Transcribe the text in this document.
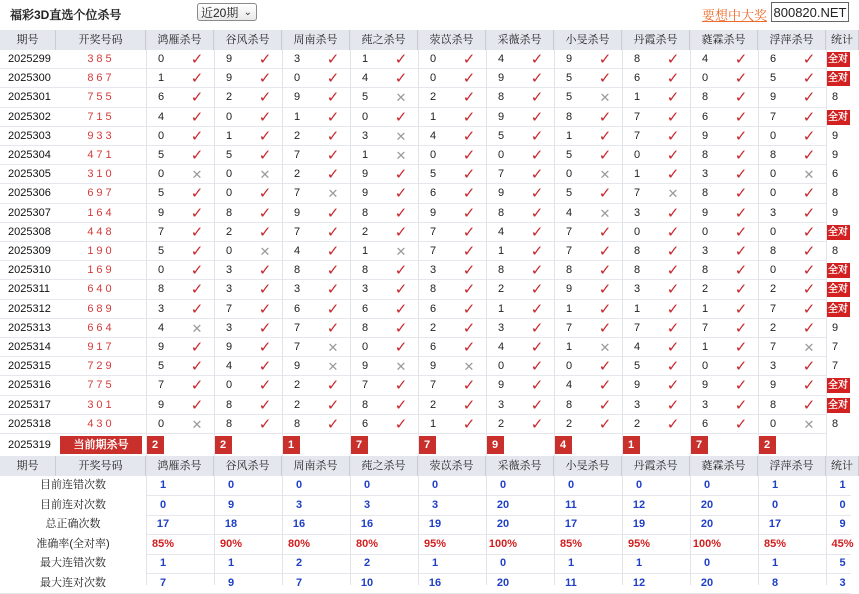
福彩3D直选个位杀号	近20期 ⌄	要想中大奖 800820.NET
期号	开奖号码	鸿雁杀号	谷风杀号	周南杀号	莼之杀号	荥苡杀号	采薇杀号	小旻杀号	丹霞杀号	蕤霖杀号	浮萍杀号	统计
2025299	385	0	✓	9	✓	3	✓	1	✓	0	✓	4	✓	9	✓	8	✓	4	✓	6	✓	全对
2025300	867	1	✓	9	✓	0	✓	4	✓	0	✓	9	✓	5	✓	6	✓	0	✓	5	✓	全对
2025301	755	6	✓	2	✓	9	✓	5	✕	2	✓	8	✓	5	✕	1	✓	8	✓	9	✓	8
2025302	715	4	✓	0	✓	1	✓	0	✓	1	✓	9	✓	8	✓	7	✓	6	✓	7	✓	全对
2025303	933	0	✓	1	✓	2	✓	3	✕	4	✓	5	✓	1	✓	7	✓	9	✓	0	✓	9
2025304	471	5	✓	5	✓	7	✓	1	✕	0	✓	0	✓	5	✓	0	✓	8	✓	8	✓	9
2025305	310	0	✕	0	✕	2	✓	9	✓	5	✓	7	✓	0	✕	1	✓	3	✓	0	✕	6
2025306	697	5	✓	0	✓	7	✕	9	✓	6	✓	9	✓	5	✓	7	✕	8	✓	0	✓	8
2025307	164	9	✓	8	✓	9	✓	8	✓	9	✓	8	✓	4	✕	3	✓	9	✓	3	✓	9
2025308	448	7	✓	2	✓	7	✓	2	✓	7	✓	4	✓	7	✓	0	✓	0	✓	0	✓	全对
2025309	190	5	✓	0	✕	4	✓	1	✕	7	✓	1	✓	7	✓	8	✓	3	✓	8	✓	8
2025310	169	0	✓	3	✓	8	✓	8	✓	3	✓	8	✓	8	✓	8	✓	8	✓	0	✓	全对
2025311	640	8	✓	3	✓	3	✓	3	✓	8	✓	2	✓	9	✓	3	✓	2	✓	2	✓	全对
2025312	689	3	✓	7	✓	6	✓	6	✓	6	✓	1	✓	1	✓	1	✓	1	✓	7	✓	全对
2025313	664	4	✕	3	✓	7	✓	8	✓	2	✓	3	✓	7	✓	7	✓	7	✓	2	✓	9
2025314	917	9	✓	9	✓	7	✕	0	✓	6	✓	4	✓	1	✕	4	✓	1	✓	7	✕	7
2025315	729	5	✓	4	✓	9	✕	9	✕	9	✕	0	✓	0	✓	5	✓	0	✓	3	✓	7
2025316	775	7	✓	0	✓	2	✓	7	✓	7	✓	9	✓	4	✓	9	✓	9	✓	9	✓	全对
2025317	301	9	✓	8	✓	2	✓	8	✓	2	✓	3	✓	8	✓	3	✓	3	✓	8	✓	全对
2025318	430	0	✕	8	✓	8	✓	6	✓	1	✓	2	✓	2	✓	2	✓	6	✓	0	✕	8
2025319	当前期杀号	2	2	1	7	7	9	4	1	7	2
期号	开奖号码	鸿雁杀号	谷风杀号	周南杀号	莼之杀号	荥苡杀号	采薇杀号	小旻杀号	丹霞杀号	蕤霖杀号	浮萍杀号	统计
目前连错次数	1	0	0	0	0	0	0	0	0	1	1
目前连对次数	0	9	3	3	3	20	11	12	20	0	0
总正确次数	17	18	16	16	19	20	17	19	20	17	9
准确率(全对率)	85%	90%	80%	80%	95%	100%	85%	95%	100%	85%	45%
最大连错次数	1	1	2	2	1	0	1	1	0	1	5
最大连对次数	7	9	7	10	16	20	11	12	20	8	3
